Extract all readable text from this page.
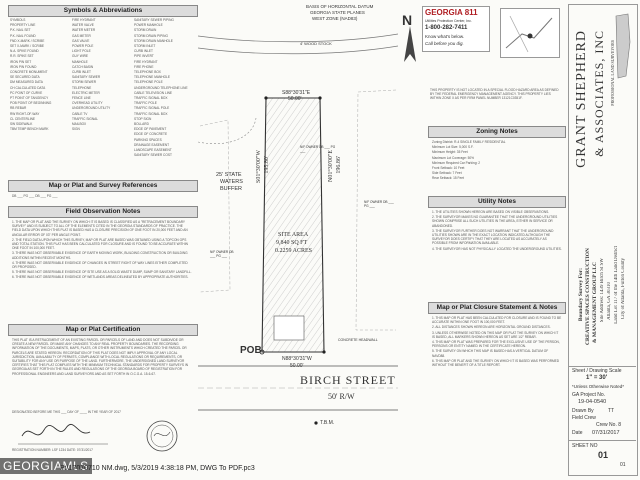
Symbols & Abbreviations
SYMBOLS
PROPERTY LINE
P.K. NAIL SET
P.K. NAIL FOUND
FND X-MARK / SCRIBE
SET X-MARK / SCRIBE
N.A. SPIKE FOUND
R.R. SPIKE SET
IRON PIN SET
IRON PIN FOUND
CONCRETE MONUMENT
SE SECURED DATA
DM MEASURED DATA
CH CALCULATED DATA
PC POINT OF CURVE
PT POINT OF TANGENCY
POB POINT OF BEGINNING
RB REBAR
RW RIGHT-OF-WAY
CL CENTERLINE
SW SIDEWALK
TBM TEMP BENCH MARK
FIRE HYDRANT
WATER VALVE
WATER METER
GAS METER
GAS VALVE
POWER POLE
LIGHT POLE
GUY WIRE
MANHOLE
CATCH BASIN
CURB INLET
SANITARY SEWER
STORM SEWER
TELEPHONE
ELECTRIC METER
FENCE LINE
OVERHEAD UTILITY
UNDERGROUND UTILITY
CABLE TV
TRAFFIC SIGNAL
MAILBOX
SIGN
SANITARY SEWER PIPING
POWER MANHOLE
STORM DRAIN
STORM DRAIN PIPING
STORM DRAIN MANHOLE
STORM INLET
CURB INLET
PIPE INVERT
FIRE HYDRANT
FIRE PHONE
TELEPHONE BOX
TELEPHONE MANHOLE
TELEPHONE POLE
UNDERGROUND TELEPHONE LINE
CABLE TELEVISION LINE
TRAFFIC SIGNAL BOX
TRAFFIC POLE
TRAFFIC SIGNAL POLE
TRAFFIC SIGNAL BOX
STOP SIGN
BOLLARD
EDGE OF PAVEMENT
EDGE OF CONCRETE
PARKING SPACES
DRAINAGE EASEMENT
LANDSCAPE EASEMENT
SANITARY SEWER COST
Map or Plat and Survey References
DB ___ PG ___ DB ___ PG ___
Field Observation Notes
1. THE MAP OR PLAT AND THE SURVEY ON WHICH IT IS BASED IS CLASSIFIED AS A "RETRACEMENT BOUNDARY SURVEY" AND IS SUBJECT TO ALL OF THE ELEMENTS CITED IN THE GEORGIA STANDARDS OF PRACTICE. THE FIELD DATA UPON WHICH THIS PLAT IS BASED HAS A CLOSURE PRECISION OF ONE FOOT IN 20,000 FEET AND AN ANGULAR ERROR OF 03" PER ANGLE POINT.
2. THE FIELD DATA UPON WHICH THIS SURVEY, MAP OR PLAT ARE BASED WAS OBTAINED USING A TOPCON GPS AND TOTAL STATION. THIS PLAT HAS BEEN CALCULATED FOR CLOSURE AND IS FOUND TO BE ACCURATE WITHIN ONE FOOT IN 100,000 FEET.
3. THERE WAS NOT OBSERVABLE EVIDENCE OF EARTH MOVING WORK, BUILDING CONSTRUCTION OR BUILDING ADDITIONS WITHIN RECENT MONTHS.
4. THERE WAS NOT OBSERVABLE EVIDENCE OF CHANGES IN STREET RIGHT OF WAY LINES EITHER COMPLETED OR PROPOSED.
5. THERE WAS NOT OBSERVABLE EVIDENCE OF SITE USE AS A SOLID WASTE DUMP, SUMP OR SANITARY LANDFILL.
6. THERE WAS NOT OBSERVABLE EVIDENCE OF WETLANDS AREAS DELINEATED BY APPROPRIATE AUTHORITIES.
Map or Plat Certification
THIS PLAT IS A RETRACEMENT OF AN EXISTING PARCEL OR PARCELS OF LAND AND DOES NOT SUBDIVIDE OR CREATE A NEW PARCEL OR MAKE ANY CHANGES TO ANY REAL PROPERTY BOUNDARIES. THE RECORDING INFORMATION OF THE DOCUMENTS, MAPS, PLATS, OR OTHER INSTRUMENTS WHICH CREATED THE PARCEL OR PARCELS ARE STATED HEREON. RECORDATION OF THIS PLAT DOES NOT IMPLY APPROVAL OF ANY LOCAL JURISDICTION, AVAILABILITY OF PERMITS, COMPLIANCE WITH LOCAL REGULATIONS OR REQUIREMENTS, OR SUITABILITY FOR ANY USE OR PURPOSE OF THE LAND. FURTHERMORE, THE UNDERSIGNED LAND SURVEYOR CERTIFIES THAT THIS PLAT COMPLIES WITH THE MINIMUM TECHNICAL STANDARDS FOR PROPERTY SURVEYS IN GEORGIA AS SET FORTH IN THE RULES AND REGULATIONS OF THE GEORGIA BOARD OF REGISTRATION FOR PROFESSIONAL ENGINEERS AND LAND SURVEYORS AND AS SET FORTH IN O.C.G.A. 15-6-67.
DESIGNATED BEFORE ME THIS ___ DAY OF ____ IN THE YEAR OF 2017
REGISTRATION NUMBER: LSF 1234 DATE: 07/31/2017
BASIS OF HORIZONTAL DATUM
GEORGIA STATE PLANES
WEST ZONE (NAD83)
4' WOOD STOCK
S88°30'31"E
50.00'
S01°30'00"W 195.80'	N01°30'00"E 196.86'
N88°30'31"W
50.00'
SITE AREA
9,840 SQ FT
0.2259 ACRES
25' STATE
WATERS
BUFFER
N/F OWNER DB ___ PG ___
N/F OWNER DB ___ PG ___
N/F OWNER DB ___ PG ___
CONCRETE HEADWALL
POB
BIRCH STREET
50' R/W
T.B.M.
N GEORGIA 811
Utilities Protection Center, Inc.
1-800-282-7411
Know what's below.
Call before you dig.
THIS PROPERTY IS NOT LOCATED IN A SPECIAL FLOOD HAZARD AREA AS DEFINED BY THE FEDERAL EMERGENCY MANAGEMENT AGENCY. THIS PROPERTY LIES WITHIN ZONE X AS PER FIRM PANEL NUMBER 13121C0351F.
Zoning Notes
Zoning District: R-4 SINGLE FAMILY RESIDENTIAL
Minimum Lot Size: 5,000 S.F.
Minimum Height: 35 Feet
Maximum Lot Coverage: 50%
Minimum Required Car Parking: 2
Front Setback: 10 Feet
Side Setback: 7 Feet
Rear Setback: 15 Feet
Utility Notes
1. THE UTILITIES SHOWN HEREON ARE BASED ON VISIBLE OBSERVATIONS.
2. THE SURVEYOR MAKES NO GUARANTEE THAT THE UNDERGROUND UTILITIES SHOWN COMPRISE ALL SUCH UTILITIES IN THE AREA, EITHER IN SERVICE OR ABANDONED.
3. THE SURVEYOR FURTHER DOES NOT WARRANT THAT THE UNDERGROUND UTILITIES SHOWN ARE IN THE EXACT LOCATION INDICATED ALTHOUGH THE SURVEYOR DOES CERTIFY THAT THEY ARE LOCATED AS ACCURATELY AS POSSIBLE FROM INFORMATION AVAILABLE.
4. THE SURVEYOR HAS NOT PHYSICALLY LOCATED THE UNDERGROUND UTILITIES.
Map or Plat Closure Statement & Notes
1. THIS MAP OR PLAT HAS BEEN CALCULATED FOR CLOSURE AND IS FOUND TO BE ACCURATE WITHIN ONE FOOT IN 100,000 FEET.
2. ALL DISTANCES SHOWN HEREON ARE HORIZONTAL GROUND DISTANCES.
3. UNLESS OTHERWISE NOTED ON THIS MAP OR PLAT THE SURVEY ON WHICH IT IS BASED, ALL MARKERS SHOWN HEREON AS SET ARE 1/2" REBAR.
4. THIS MAP OR PLAT WAS PREPARED FOR THE EXCLUSIVE USE OF THE PERSON, PERSONS OR ENTITY NAMED IN THE CERTIFICATE HEREON.
5. THE SURVEY ON WHICH THIS MAP IS BASED HAS A VERTICAL DATUM OF NAVD88.
6. THIS MAP OR PLAT AND THE SURVEY ON WHICH IT IS BASED WAS PERFORMED WITHOUT THE BENEFIT OF A TITLE REPORT.
GRANT SHEPHERD & ASSOCIATES, INC PROFESSIONAL LAND SURVEYORS
Boundary Survey For: CREATIVE SPACES CONSTRUCTION & MANAGEMENT GROUP LLC Site Address: 1439 Birch St SW Atlanta, GA 30310 Land Lot 117 of the 14th Land District City of Atlanta, Fulton County
Sheet / Drawing Scale
1" = 30'
*Unless Otherwise Noted*
GA Project No.
19-04-0540
Drawn By	TT
Field Crew
Crew No. 8
Date 07/31/2017
SHEET NO
01
01
GEORGIAMLS
P:\17070710 NM.dwg, 5/3/2019 4:38:18 PM, DWG To PDF.pc3
